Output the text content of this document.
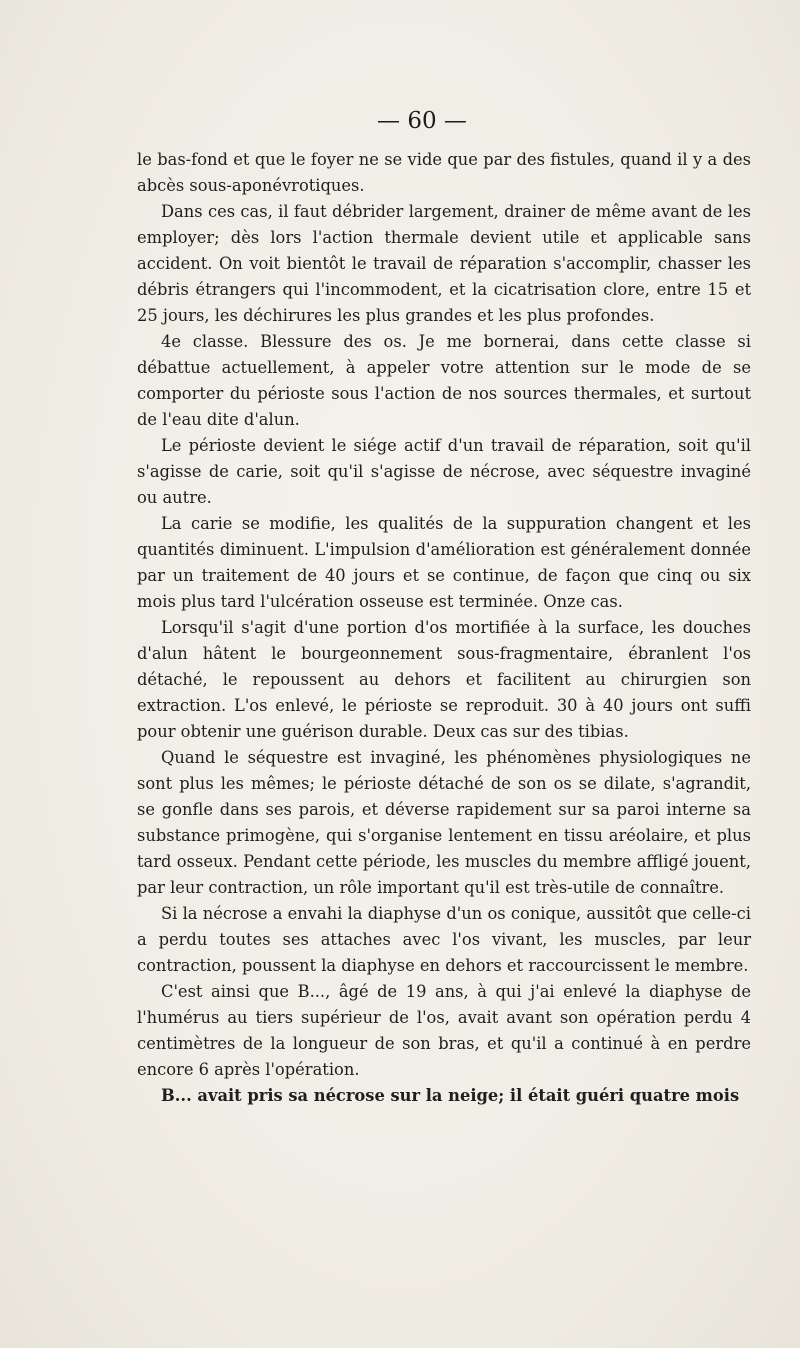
— 60 —

le bas-fond et que le foyer ne se vide que par des fistules, quand il y a des abcès sous-aponévrotiques.

Dans ces cas, il faut débrider largement, drainer de même avant de les employer; dès lors l'action thermale devient utile et applicable sans accident. On voit bientôt le travail de réparation s'accomplir, chasser les débris étrangers qui l'incommodent, et la cicatrisation clore, entre 15 et 25 jours, les déchirures les plus grandes et les plus profondes.

4e classe. Blessure des os. Je me bornerai, dans cette classe si débattue actuellement, à appeler votre attention sur le mode de se comporter du périoste sous l'action de nos sources thermales, et surtout de l'eau dite d'alun.

Le périoste devient le siége actif d'un travail de réparation, soit qu'il s'agisse de carie, soit qu'il s'agisse de nécrose, avec séquestre invaginé ou autre.

La carie se modifie, les qualités de la suppuration changent et les quantités diminuent. L'impulsion d'amélioration est généralement donnée par un traitement de 40 jours et se continue, de façon que cinq ou six mois plus tard l'ulcération osseuse est terminée. Onze cas.

Lorsqu'il s'agit d'une portion d'os mortifiée à la surface, les douches d'alun hâtent le bourgeonnement sous-fragmentaire, ébranlent l'os détaché, le repoussent au dehors et facilitent au chirurgien son extraction. L'os enlevé, le périoste se reproduit. 30 à 40 jours ont suffi pour obtenir une guérison durable. Deux cas sur des tibias.

Quand le séquestre est invaginé, les phénomènes physiologiques ne sont plus les mêmes; le périoste détaché de son os se dilate, s'agrandit, se gonfle dans ses parois, et déverse rapidement sur sa paroi interne sa substance primogène, qui s'organise lentement en tissu aréolaire, et plus tard osseux. Pendant cette période, les muscles du membre affligé jouent, par leur contraction, un rôle important qu'il est très-utile de connaître.

Si la nécrose a envahi la diaphyse d'un os conique, aussitôt que celle-ci a perdu toutes ses attaches avec l'os vivant, les muscles, par leur contraction, poussent la diaphyse en dehors et raccourcissent le membre.

C'est ainsi que B..., âgé de 19 ans, à qui j'ai enlevé la diaphyse de l'humérus au tiers supérieur de l'os, avait avant son opération perdu 4 centimètres de la longueur de son bras, et qu'il a continué à en perdre encore 6 après l'opération.

B... avait pris sa nécrose sur la neige; il était guéri quatre mois
